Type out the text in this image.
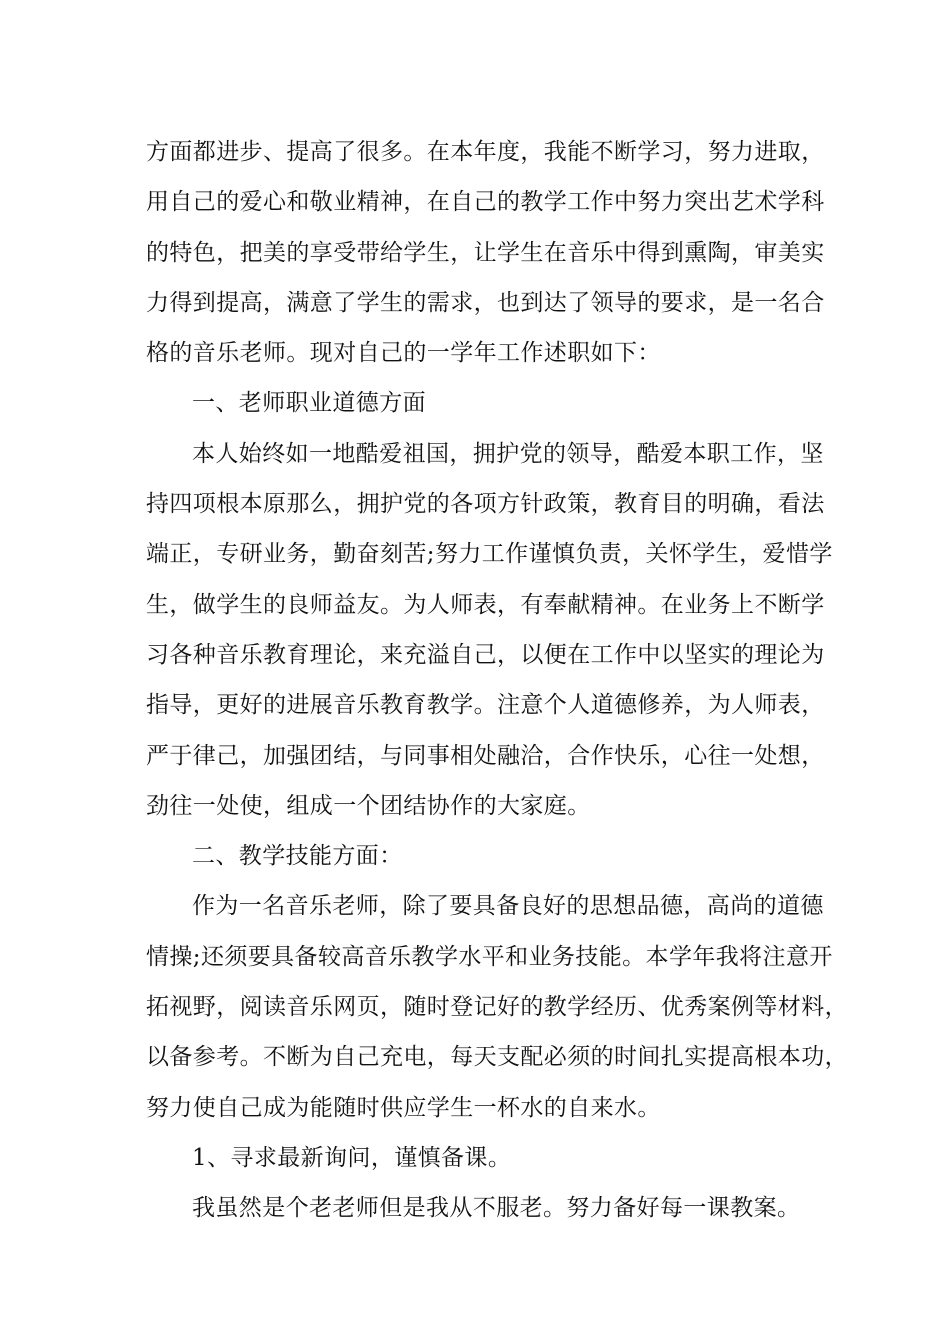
方面都进步、提高了很多。在本年度，我能不断学习，努力进取，
用自己的爱心和敬业精神，在自己的教学工作中努力突出艺术学科
的特色，把美的享受带给学生，让学生在音乐中得到熏陶，审美实
力得到提高，满意了学生的需求，也到达了领导的要求，是一名合
格的音乐老师。现对自己的一学年工作述职如下：
一、老师职业道德方面
本人始终如一地酷爱祖国，拥护党的领导，酷爱本职工作，坚
持四项根本原那么，拥护党的各项方针政策，教育目的明确，看法
端正，专研业务，勤奋刻苦;努力工作谨慎负责，关怀学生，爱惜学
生，做学生的良师益友。为人师表，有奉献精神。在业务上不断学
习各种音乐教育理论，来充溢自己，以便在工作中以坚实的理论为
指导，更好的进展音乐教育教学。注意个人道德修养，为人师表，
严于律己，加强团结，与同事相处融洽，合作快乐，心往一处想，
劲往一处使，组成一个团结协作的大家庭。
二、教学技能方面：
作为一名音乐老师，除了要具备良好的思想品德，高尚的道德
情操;还须要具备较高音乐教学水平和业务技能。本学年我将注意开
拓视野，阅读音乐网页，随时登记好的教学经历、优秀案例等材料，
以备参考。不断为自己充电，每天支配必须的时间扎实提高根本功，
努力使自己成为能随时供应学生一杯水的自来水。
1、寻求最新询问，谨慎备课。
我虽然是个老老师但是我从不服老。努力备好每一课教案。
